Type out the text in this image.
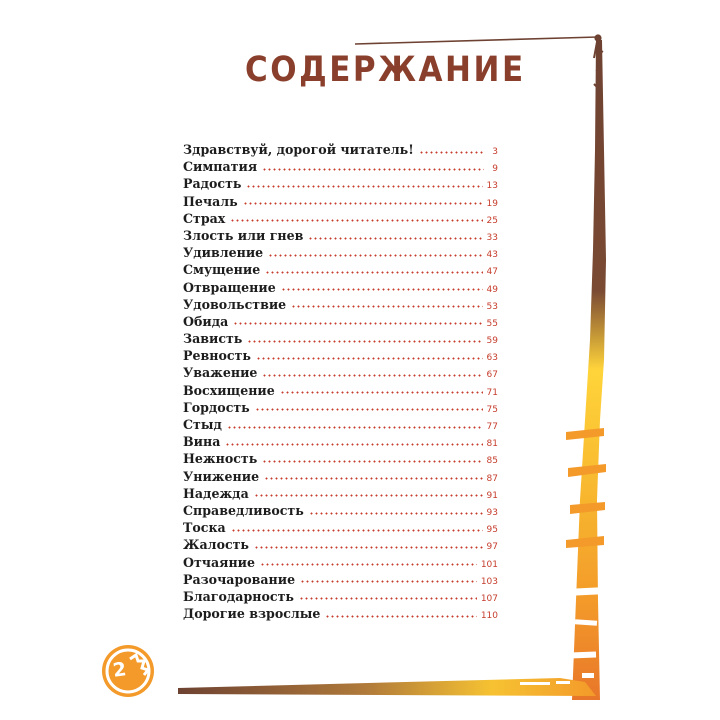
СОДЕРЖАНИЕ
Здравствуй, дорогой читатель!	3
Симпатия	9
Радость	13
Печаль	19
Страх	25
Злость или гнев	33
Удивление	43
Смущение	47
Отвращение	49
Удовольствие	53
Обида	55
Зависть	59
Ревность	63
Уважение	67
Восхищение	71
Гордость	75
Стыд	77
Вина	81
Нежность	85
Унижение	87
Надежда	91
Справедливость	93
Тоска	95
Жалость	97
Отчаяние	101
Разочарование	103
Благодарность	107
Дорогие взрослые	110
2
